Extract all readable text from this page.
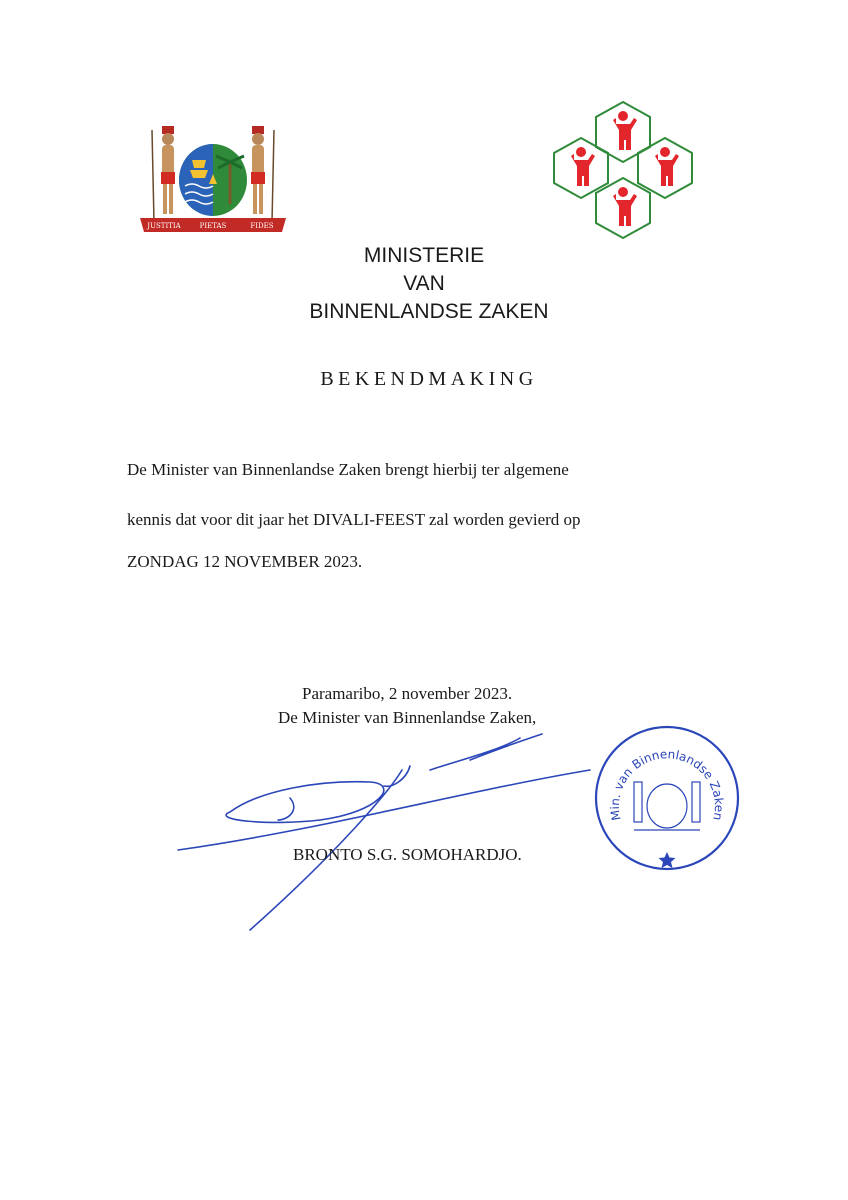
JUSTITIA	PIETAS	FIDES
MINISTERIE
VAN
BINNENLANDSE ZAKEN
BEKENDMAKING
De Minister van Binnenlandse Zaken brengt hierbij ter algemene
kennis dat voor dit jaar het DIVALI-FEEST zal worden gevierd op
ZONDAG 12 NOVEMBER 2023.
Paramaribo, 2 november 2023.
De Minister van Binnenlandse Zaken,
BRONTO S.G. SOMOHARDJO.
Min. van Binnenlandse Zaken
